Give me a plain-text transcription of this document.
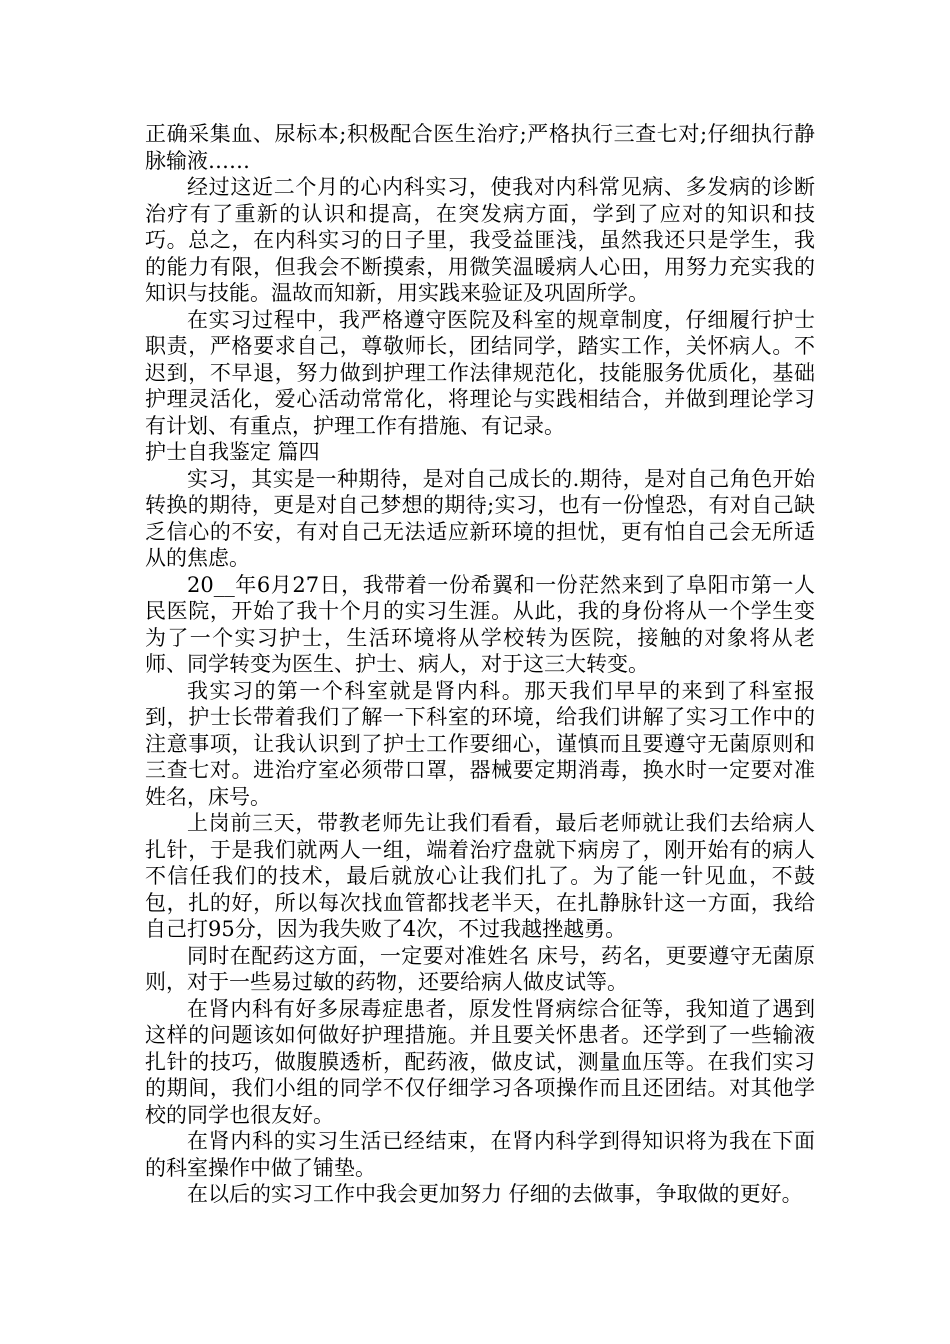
正确采集血、尿标本;积极配合医生治疗;严格执行三查七对;仔细执行静脉输液……

经过这近二个月的心内科实习，使我对内科常见病、多发病的诊断治疗有了重新的认识和提高，在突发病方面，学到了应对的知识和技巧。总之，在内科实习的日子里，我受益匪浅，虽然我还只是学生，我的能力有限，但我会不断摸索，用微笑温暖病人心田，用努力充实我的知识与技能。温故而知新，用实践来验证及巩固所学。

在实习过程中，我严格遵守医院及科室的规章制度，仔细履行护士职责，严格要求自己，尊敬师长，团结同学，踏实工作，关怀病人。不迟到，不早退，努力做到护理工作法律规范化，技能服务优质化，基础护理灵活化，爱心活动常常化，将理论与实践相结合，并做到理论学习有计划、有重点，护理工作有措施、有记录。

护士自我鉴定 篇四

实习，其实是一种期待，是对自己成长的.期待，是对自己角色开始转换的期待，更是对自己梦想的期待;实习，也有一份惶恐，有对自己缺乏信心的不安，有对自己无法适应新环境的担忧，更有怕自己会无所适从的焦虑。

20__年6月27日，我带着一份希翼和一份茫然来到了阜阳市第一人民医院，开始了我十个月的实习生涯。从此，我的身份将从一个学生变为了一个实习护士，生活环境将从学校转为医院，接触的对象将从老师、同学转变为医生、护士、病人，对于这三大转变。

我实习的第一个科室就是肾内科。那天我们早早的来到了科室报到，护士长带着我们了解一下科室的环境，给我们讲解了实习工作中的注意事项，让我认识到了护士工作要细心，谨慎而且要遵守无菌原则和三查七对。进治疗室必须带口罩，器械要定期消毒，换水时一定要对准姓名，床号。

上岗前三天，带教老师先让我们看看，最后老师就让我们去给病人扎针，于是我们就两人一组，端着治疗盘就下病房了，刚开始有的病人不信任我们的技术，最后就放心让我们扎了。为了能一针见血，不鼓包，扎的好，所以每次找血管都找老半天，在扎静脉针这一方面，我给自己打95分，因为我失败了4次，不过我越挫越勇。

同时在配药这方面，一定要对准姓名 床号，药名，更要遵守无菌原则，对于一些易过敏的药物，还要给病人做皮试等。

在肾内科有好多尿毒症患者，原发性肾病综合征等，我知道了遇到这样的问题该如何做好护理措施。并且要关怀患者。还学到了一些输液扎针的技巧，做腹膜透析，配药液，做皮试，测量血压等。在我们实习的期间，我们小组的同学不仅仔细学习各项操作而且还团结。对其他学校的同学也很友好。

在肾内科的实习生活已经结束，在肾内科学到得知识将为我在下面的科室操作中做了铺垫。

在以后的实习工作中我会更加努力 仔细的去做事，争取做的更好。
